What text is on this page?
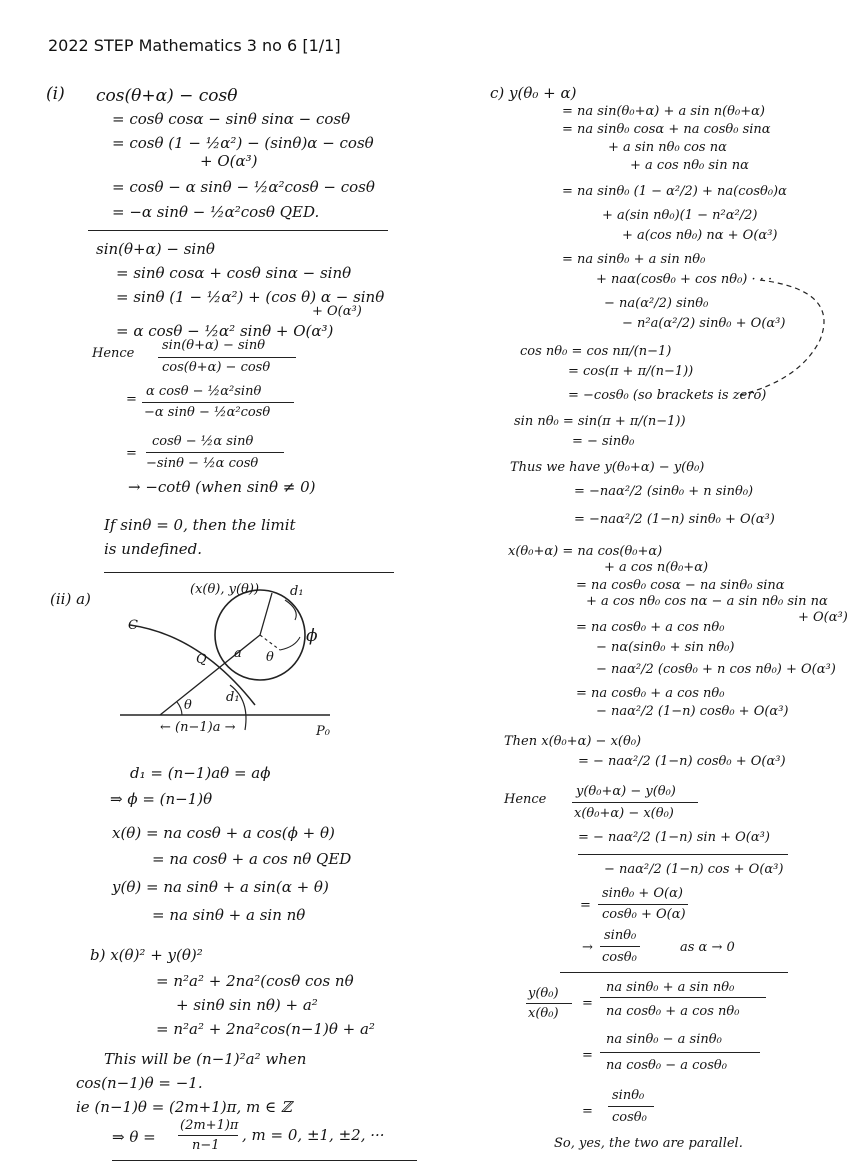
2022 STEP Mathematics 3 no 6 [1/1]
(i) cos(θ+α) − cosθ
= cosθ cosα − sinθ sinα − cosθ
= cosθ (1 − ½α²) − (sinθ)α − cosθ
+ O(α³)
= cosθ − α sinθ − ½α²cosθ − cosθ
= −α sinθ − ½α²cosθ QED.
sin(θ+α) − sinθ
= sinθ cosα + cosθ sinα − sinθ
= sinθ (1 − ½α²) + (cos θ) α − sinθ
+ O(α³)
= α cosθ − ½α² sinθ + O(α³)
Hence
sin(θ+α) − sinθ
cos(θ+α) − cosθ
=
α cosθ − ½α²sinθ
−α sinθ − ½α²cosθ
=
cosθ − ½α sinθ
−sinθ − ½α cosθ
→ −cotθ (when sinθ ≠ 0)
If sinθ = 0, then the limit
is undefined.
(ii) a)
(x(θ), y(θ)) d₁
ϕ
C
Q a θ
θ
d₁
← (n−1)a →	P₀
d₁ = (n−1)aθ = aϕ
⇒ ϕ = (n−1)θ
x(θ) = na cosθ + a cos(ϕ + θ)
= na cosθ + a cos nθ QED
y(θ) = na sinθ + a sin(α + θ)
= na sinθ + a sin nθ
b) x(θ)² + y(θ)²
= n²a² + 2na²(cosθ cos nθ
+ sinθ sin nθ) + a²
= n²a² + 2na²cos(n−1)θ + a²
This will be (n−1)²a² when
cos(n−1)θ = −1.
ie (n−1)θ = (2m+1)π, m ∈ ℤ
⇒ θ =
(2m+1)π
n−1
, m = 0, ±1, ±2, ···
c) y(θ₀ + α)
= na sin(θ₀+α) + a sin n(θ₀+α)
= na sinθ₀ cosα + na cosθ₀ sinα
+ a sin nθ₀ cos nα
+ a cos nθ₀ sin nα
= na sinθ₀ (1 − α²/2) + na(cosθ₀)α
+ a(sin nθ₀)(1 − n²α²/2)
+ a(cos nθ₀) nα + O(α³)
= na sinθ₀ + a sin nθ₀
+ naα(cosθ₀ + cos nθ₀) · · ·
− na(α²/2) sinθ₀
− n²a(α²/2) sinθ₀ + O(α³)
cos nθ₀ = cos nπ/(n−1)
= cos(π + π/(n−1))
= −cosθ₀ (so brackets is zero)
sin nθ₀ = sin(π + π/(n−1))
= − sinθ₀
Thus we have y(θ₀+α) − y(θ₀)
= −naα²/2 (sinθ₀ + n sinθ₀)
= −naα²/2 (1−n) sinθ₀ + O(α³)
x(θ₀+α) = na cos(θ₀+α)
+ a cos n(θ₀+α)
= na cosθ₀ cosα − na sinθ₀ sinα
+ a cos nθ₀ cos nα − a sin nθ₀ sin nα
+ O(α³)
= na cosθ₀ + a cos nθ₀
− nα(sinθ₀ + sin nθ₀)
− naα²/2 (cosθ₀ + n cos nθ₀) + O(α³)
= na cosθ₀ + a cos nθ₀
− naα²/2 (1−n) cosθ₀ + O(α³)
Then x(θ₀+α) − x(θ₀)
= − naα²/2 (1−n) cosθ₀ + O(α³)
Hence
y(θ₀+α) − y(θ₀)
x(θ₀+α) − x(θ₀)
= − naα²/2 (1−n) sin + O(α³)
− naα²/2 (1−n) cos + O(α³)
=
sinθ₀ + O(α)
cosθ₀ + O(α)
→
sinθ₀
cosθ₀
as α → 0
y(θ₀)
x(θ₀)
=
na sinθ₀ + a sin nθ₀
na cosθ₀ + a cos nθ₀
=
na sinθ₀ − a sinθ₀
na cosθ₀ − a cosθ₀
=
sinθ₀
cosθ₀
So, yes, the two are parallel.
